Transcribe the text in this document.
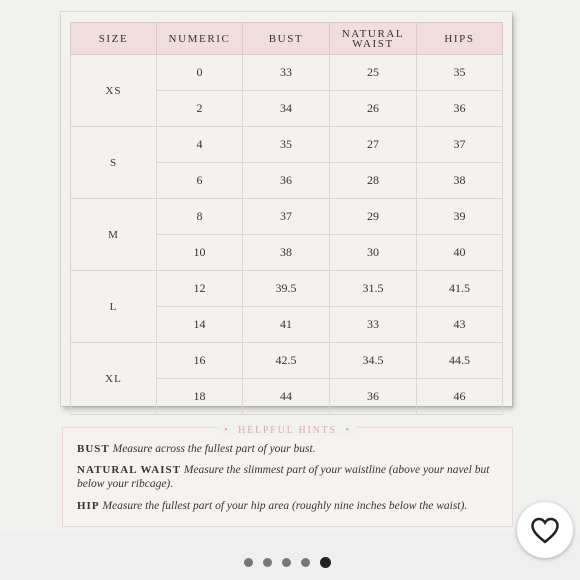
SIZE	NUMERIC	BUST	NATURAL WAIST	HIPS
XS	0	33	25	35
	2	34	26	36
S	4	35	27	37
	6	36	28	38
M	8	37	29	39
	10	38	30	40
L	12	39.5	31.5	41.5
	14	41	33	43
XL	16	42.5	34.5	44.5
	18	44	36	46
•  HELPFUL HINTS  •
BUST Measure across the fullest part of your bust.
NATURAL WAIST Measure the slimmest part of your waistline (above your navel but below your ribcage).
HIP Measure the fullest part of your hip area (roughly nine inches below the waist).
